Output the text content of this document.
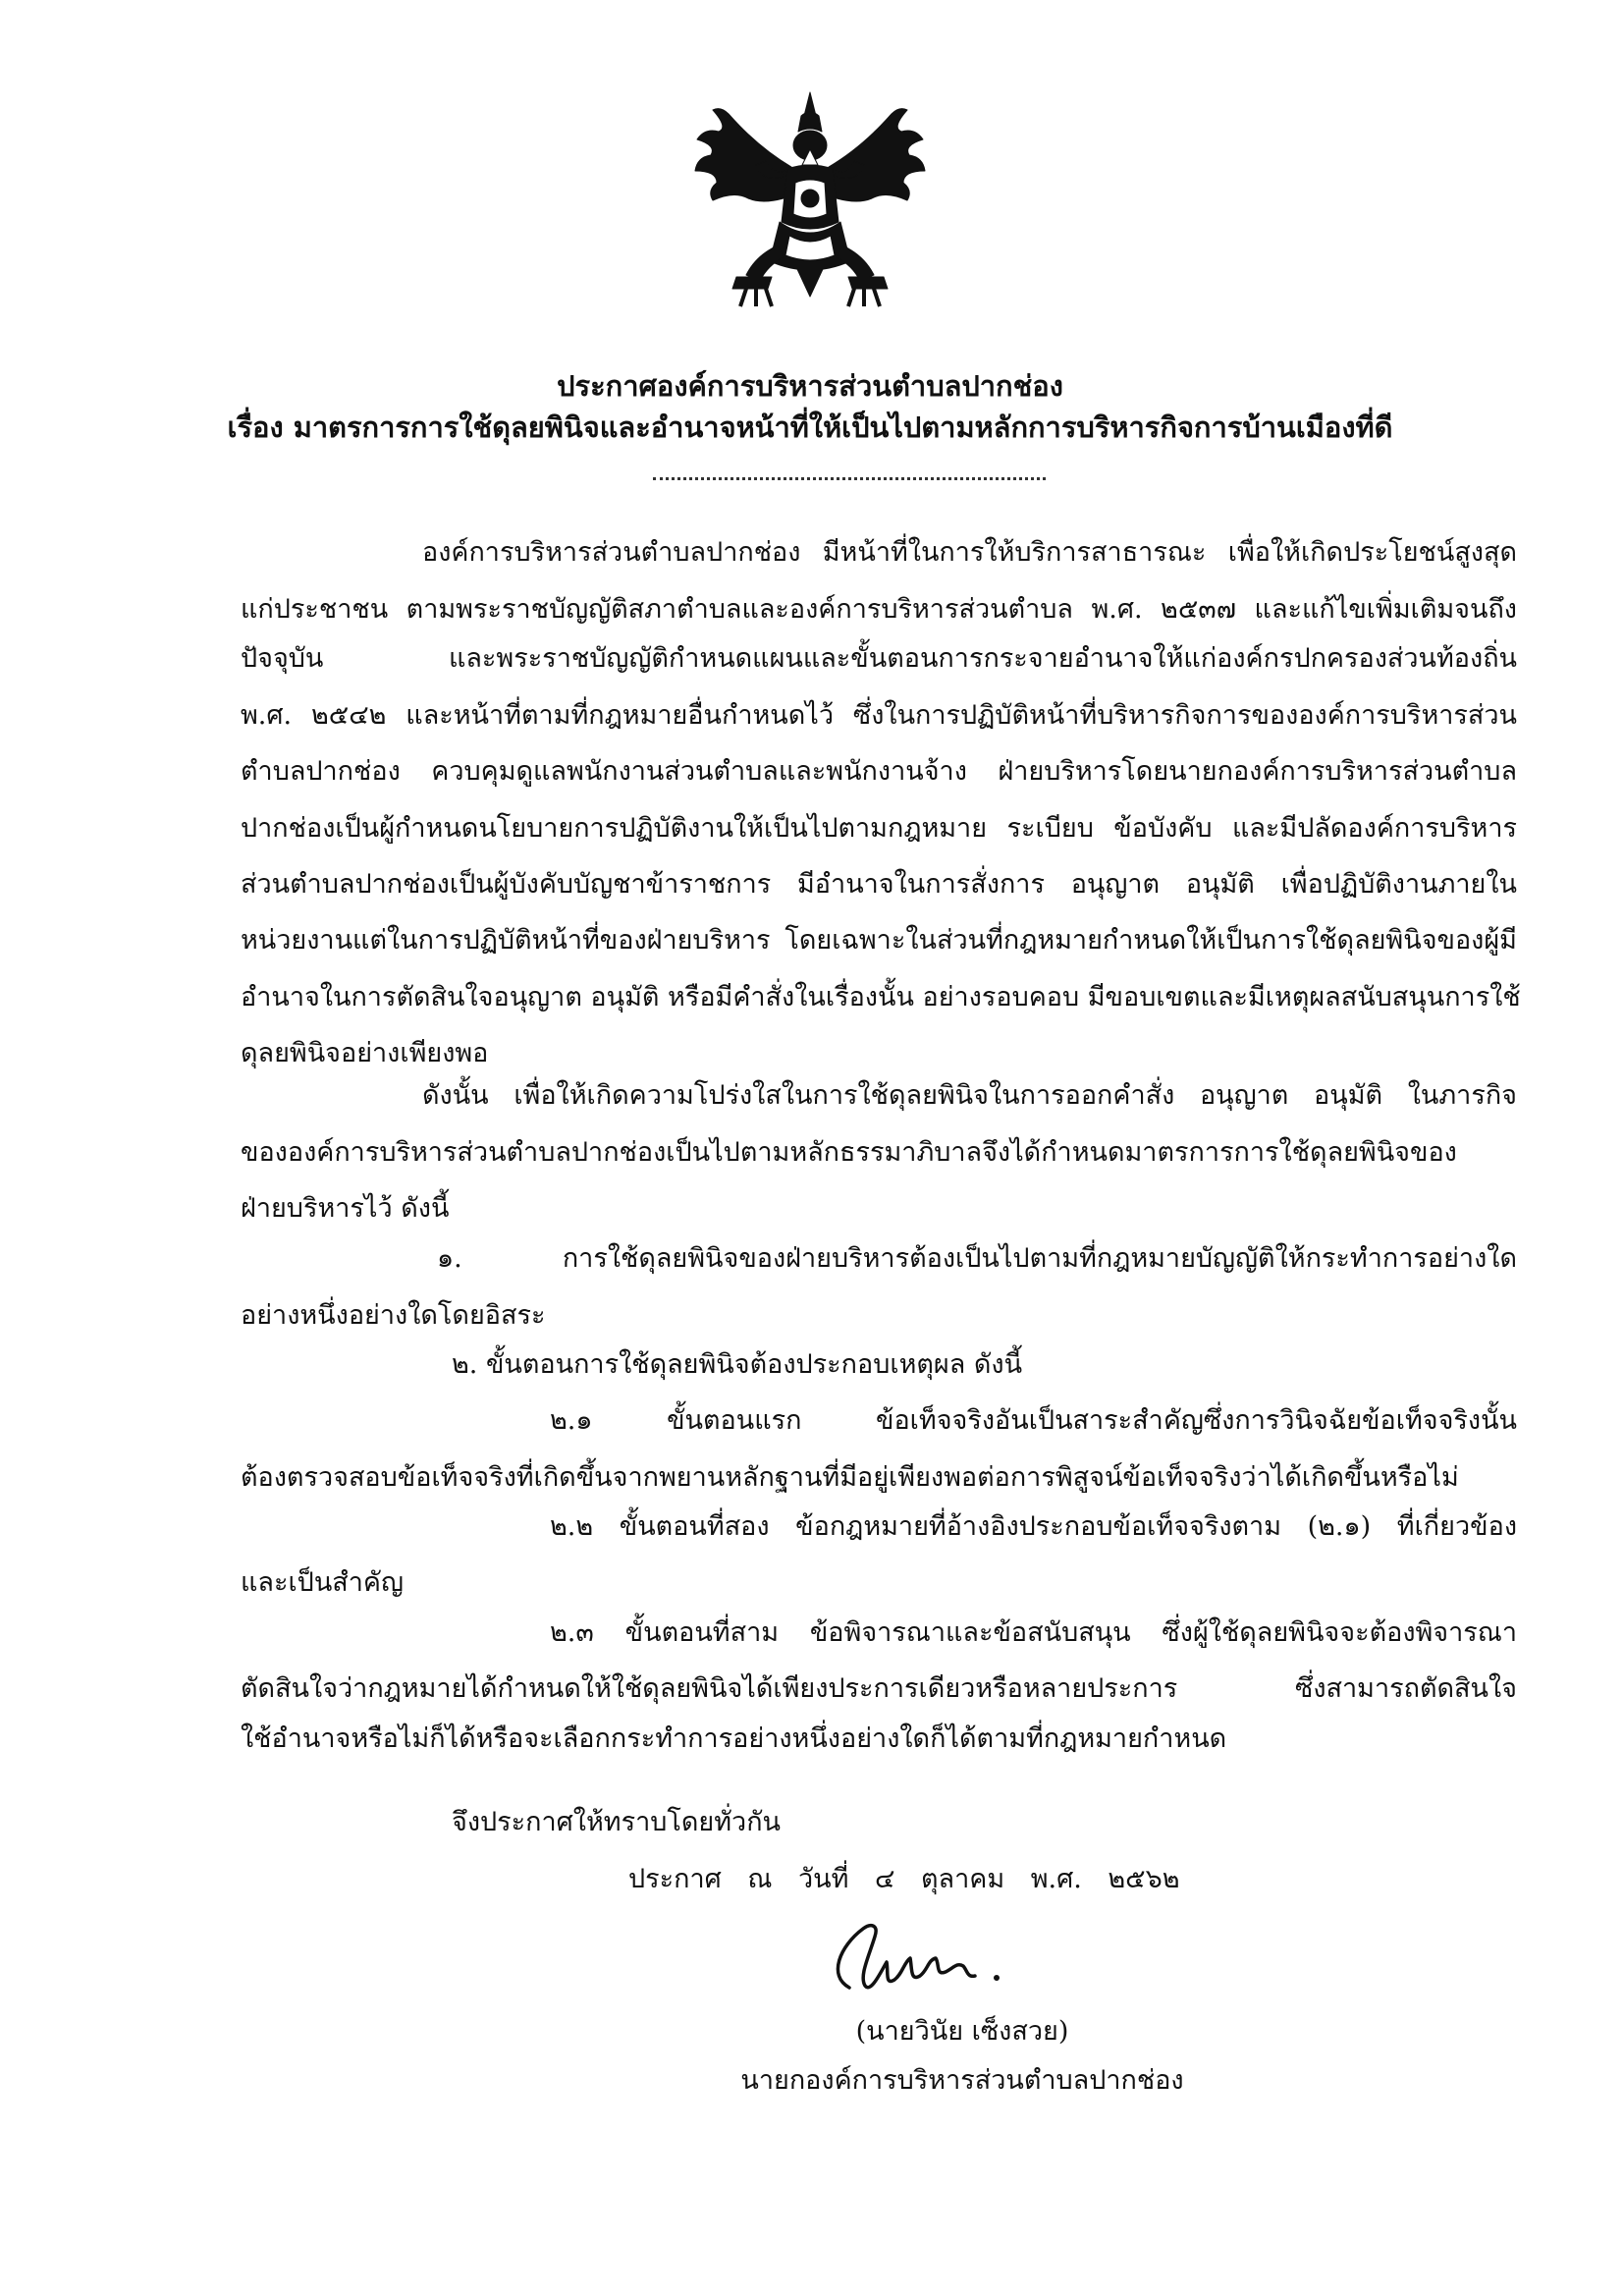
ประกาศองค์การบริหารส่วนตำบลปากช่อง
เรื่อง มาตรการการใช้ดุลยพินิจและอำนาจหน้าที่ให้เป็นไปตามหลักการบริหารกิจการบ้านเมืองที่ดี
องค์การบริหารส่วนตำบลปากช่อง มีหน้าที่ในการให้บริการสาธารณะ เพื่อให้เกิดประโยชน์สูงสุด
แก่ประชาชน ตามพระราชบัญญัติสภาตำบลและองค์การบริหารส่วนตำบล พ.ศ. ๒๕๓๗ และแก้ไขเพิ่มเติมจนถึง
ปัจจุบัน และพระราชบัญญัติกำหนดแผนและขั้นตอนการกระจายอำนาจให้แก่องค์กรปกครองส่วนท้องถิ่น
พ.ศ. ๒๕๔๒ และหน้าที่ตามที่กฎหมายอื่นกำหนดไว้ ซึ่งในการปฏิบัติหน้าที่บริหารกิจการขององค์การบริหารส่วน
ตำบลปากช่อง ควบคุมดูแลพนักงานส่วนตำบลและพนักงานจ้าง ฝ่ายบริหารโดยนายกองค์การบริหารส่วนตำบล
ปากช่องเป็นผู้กำหนดนโยบายการปฏิบัติงานให้เป็นไปตามกฎหมาย ระเบียบ ข้อบังคับ และมีปลัดองค์การบริหาร
ส่วนตำบลปากช่องเป็นผู้บังคับบัญชาข้าราชการ มีอำนาจในการสั่งการ อนุญาต อนุมัติ เพื่อปฏิบัติงานภายใน
หน่วยงานแต่ในการปฏิบัติหน้าที่ของฝ่ายบริหาร โดยเฉพาะในส่วนที่กฎหมายกำหนดให้เป็นการใช้ดุลยพินิจของผู้มี
อำนาจในการตัดสินใจอนุญาต อนุมัติ หรือมีคำสั่งในเรื่องนั้น อย่างรอบคอบ มีขอบเขตและมีเหตุผลสนับสนุนการใช้
ดุลยพินิจอย่างเพียงพอ
ดังนั้น เพื่อให้เกิดความโปร่งใสในการใช้ดุลยพินิจในการออกคำสั่ง อนุญาต อนุมัติ ในภารกิจ
ขององค์การบริหารส่วนตำบลปากช่องเป็นไปตามหลักธรรมาภิบาลจึงได้กำหนดมาตรการการใช้ดุลยพินิจของ
ฝ่ายบริหารไว้ ดังนี้
๑. การใช้ดุลยพินิจของฝ่ายบริหารต้องเป็นไปตามที่กฎหมายบัญญัติให้กระทำการอย่างใด
อย่างหนึ่งอย่างใดโดยอิสระ
๒. ขั้นตอนการใช้ดุลยพินิจต้องประกอบเหตุผล ดังนี้
๒.๑ ขั้นตอนแรก ข้อเท็จจริงอันเป็นสาระสำคัญซึ่งการวินิจฉัยข้อเท็จจริงนั้น
ต้องตรวจสอบข้อเท็จจริงที่เกิดขึ้นจากพยานหลักฐานที่มีอยู่เพียงพอต่อการพิสูจน์ข้อเท็จจริงว่าได้เกิดขึ้นหรือไม่
๒.๒ ขั้นตอนที่สอง ข้อกฎหมายที่อ้างอิงประกอบข้อเท็จจริงตาม (๒.๑) ที่เกี่ยวข้อง
และเป็นสำคัญ
๒.๓ ขั้นตอนที่สาม ข้อพิจารณาและข้อสนับสนุน ซึ่งผู้ใช้ดุลยพินิจจะต้องพิจารณา
ตัดสินใจว่ากฎหมายได้กำหนดให้ใช้ดุลยพินิจได้เพียงประการเดียวหรือหลายประการ ซึ่งสามารถตัดสินใจ
ใช้อำนาจหรือไม่ก็ได้หรือจะเลือกกระทำการอย่างหนึ่งอย่างใดก็ได้ตามที่กฎหมายกำหนด
จึงประกาศให้ทราบโดยทั่วกัน
ประกาศ ณ วันที่ ๔ ตุลาคม พ.ศ. ๒๕๖๒
(นายวินัย เซ็งสวย)
นายกองค์การบริหารส่วนตำบลปากช่อง
